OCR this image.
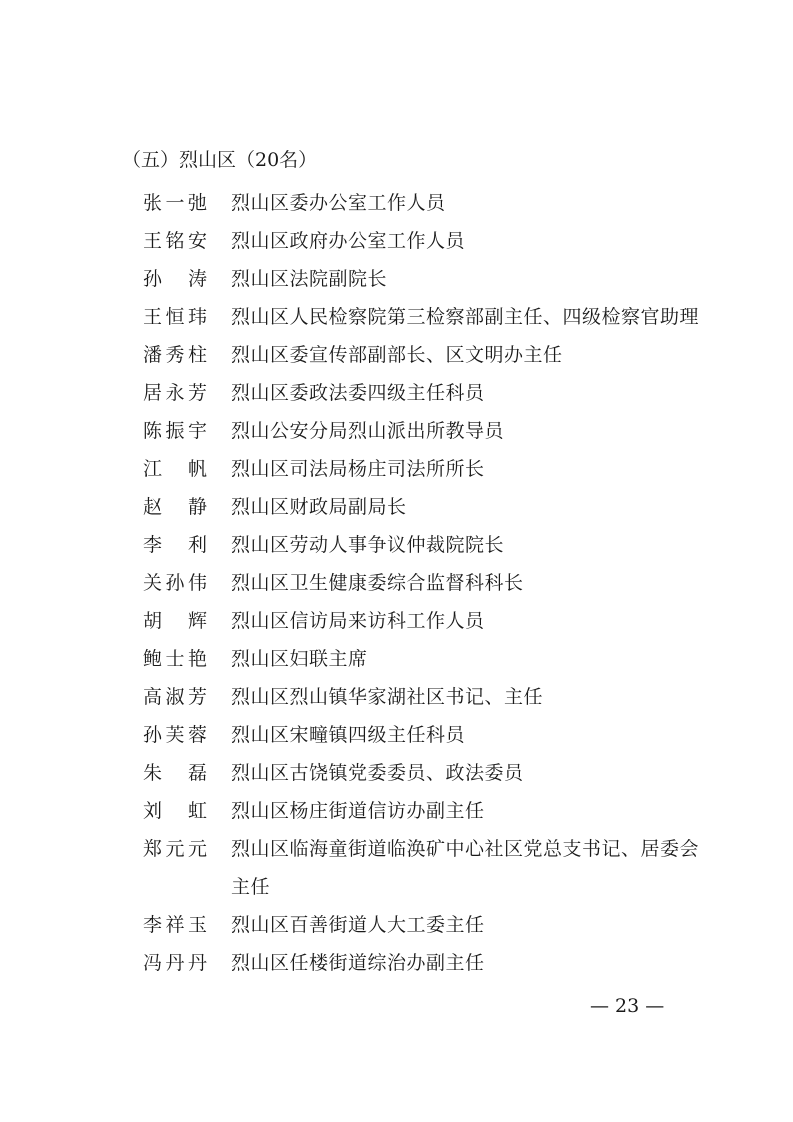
（五）烈山区（20名）
张一弛 烈山区委办公室工作人员
王铭安 烈山区政府办公室工作人员
孙 涛 烈山区法院副院长
王恒玮 烈山区人民检察院第三检察部副主任、四级检察官助理
潘秀柱 烈山区委宣传部副部长、区文明办主任
居永芳 烈山区委政法委四级主任科员
陈振宇 烈山公安分局烈山派出所教导员
江 帆 烈山区司法局杨庄司法所所长
赵 静 烈山区财政局副局长
李 利 烈山区劳动人事争议仲裁院院长
关孙伟 烈山区卫生健康委综合监督科科长
胡 辉 烈山区信访局来访科工作人员
鲍士艳 烈山区妇联主席
高淑芳 烈山区烈山镇华家湖社区书记、主任
孙芙蓉 烈山区宋疃镇四级主任科员
朱 磊 烈山区古饶镇党委委员、政法委员
刘 虹 烈山区杨庄街道信访办副主任
郑元元 烈山区临海童街道临涣矿中心社区党总支书记、居委会主任
李祥玉 烈山区百善街道人大工委主任
冯丹丹 烈山区任楼街道综治办副主任
— 23 —
